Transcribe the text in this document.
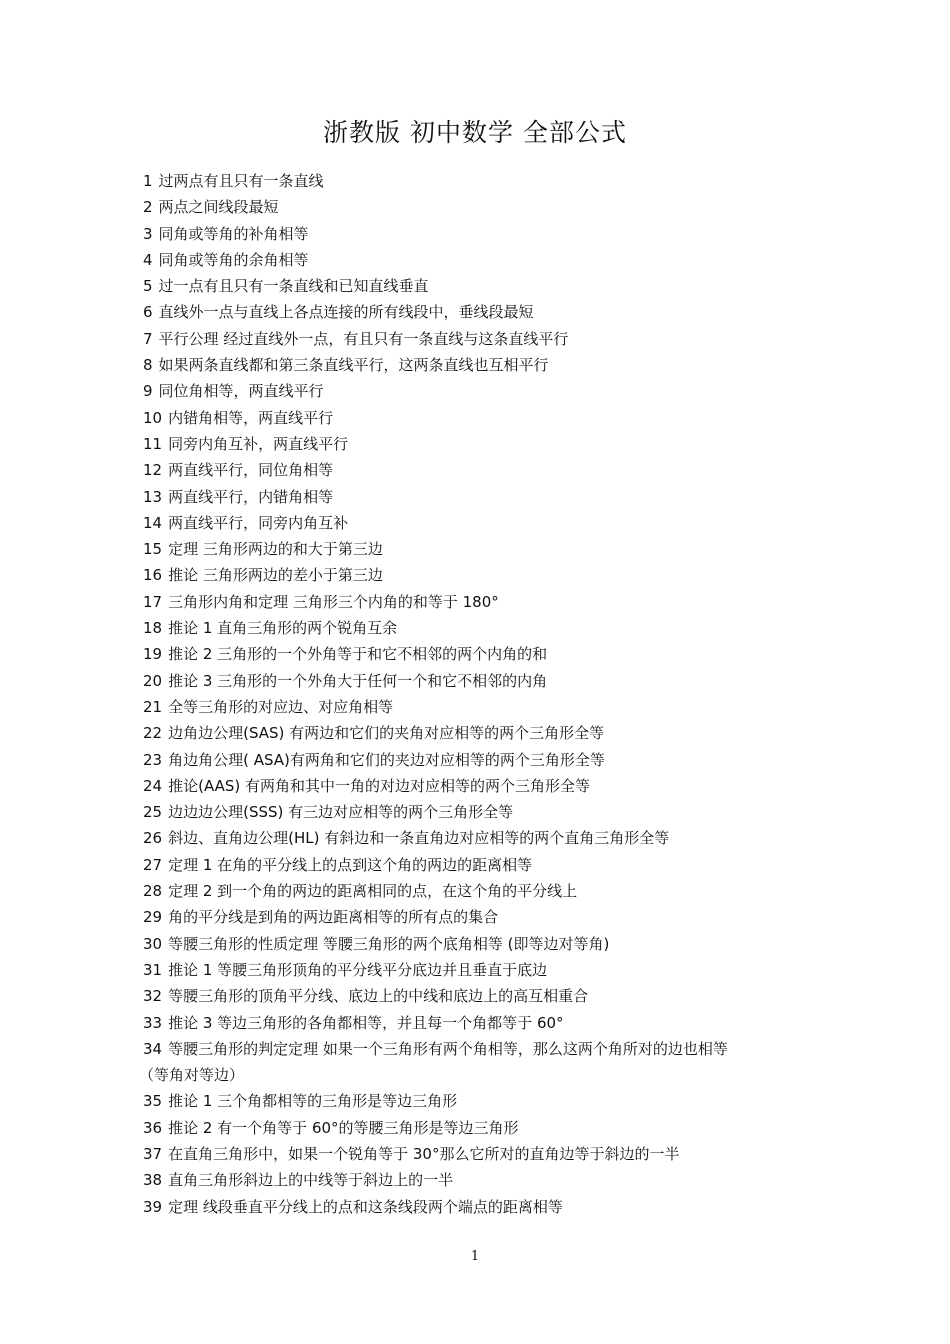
浙教版 初中数学 全部公式
1 过两点有且只有一条直线
2 两点之间线段最短
3 同角或等角的补角相等
4 同角或等角的余角相等
5 过一点有且只有一条直线和已知直线垂直
6 直线外一点与直线上各点连接的所有线段中，垂线段最短
7 平行公理 经过直线外一点，有且只有一条直线与这条直线平行
8 如果两条直线都和第三条直线平行，这两条直线也互相平行
9 同位角相等，两直线平行
10 内错角相等，两直线平行
11 同旁内角互补，两直线平行
12 两直线平行，同位角相等
13 两直线平行，内错角相等
14 两直线平行，同旁内角互补
15 定理 三角形两边的和大于第三边
16 推论 三角形两边的差小于第三边
17 三角形内角和定理 三角形三个内角的和等于 180°
18 推论 1 直角三角形的两个锐角互余
19 推论 2 三角形的一个外角等于和它不相邻的两个内角的和
20 推论 3 三角形的一个外角大于任何一个和它不相邻的内角
21 全等三角形的对应边、对应角相等
22 边角边公理(SAS) 有两边和它们的夹角对应相等的两个三角形全等
23 角边角公理( ASA)有两角和它们的夹边对应相等的两个三角形全等
24 推论(AAS) 有两角和其中一角的对边对应相等的两个三角形全等
25 边边边公理(SSS) 有三边对应相等的两个三角形全等
26 斜边、直角边公理(HL) 有斜边和一条直角边对应相等的两个直角三角形全等
27 定理 1 在角的平分线上的点到这个角的两边的距离相等
28 定理 2 到一个角的两边的距离相同的点，在这个角的平分线上
29 角的平分线是到角的两边距离相等的所有点的集合
30 等腰三角形的性质定理 等腰三角形的两个底角相等 (即等边对等角)
31 推论 1 等腰三角形顶角的平分线平分底边并且垂直于底边
32 等腰三角形的顶角平分线、底边上的中线和底边上的高互相重合
33 推论 3 等边三角形的各角都相等，并且每一个角都等于 60°
34 等腰三角形的判定定理 如果一个三角形有两个角相等，那么这两个角所对的边也相等
（等角对等边）
35 推论 1 三个角都相等的三角形是等边三角形
36 推论 2 有一个角等于 60°的等腰三角形是等边三角形
37 在直角三角形中，如果一个锐角等于 30°那么它所对的直角边等于斜边的一半
38 直角三角形斜边上的中线等于斜边上的一半
39 定理 线段垂直平分线上的点和这条线段两个端点的距离相等
1
